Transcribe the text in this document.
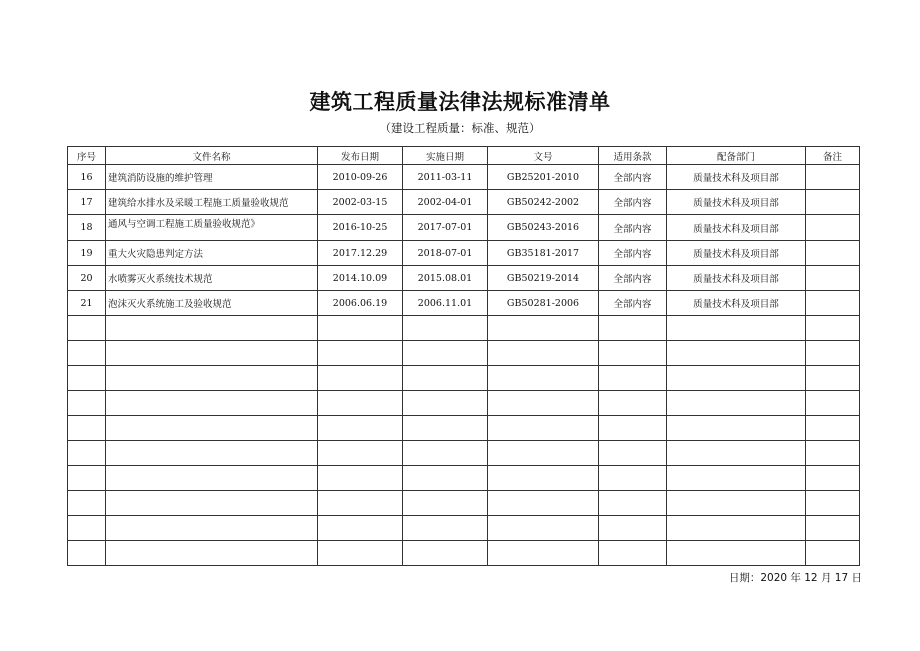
建筑工程质量法律法规标准清单
（建设工程质量：标准、规范）
序号	文件名称	发布日期	实施日期	文号	适用条款	配备部门	备注
16	建筑消防设施的维护管理	2010-09-26	2011-03-11	GB25201-2010	全部内容	质量技术科及项目部	
17	建筑给水排水及采暖工程施工质量验收规范	2002-03-15	2002-04-01	GB50242-2002	全部内容	质量技术科及项目部	
18	通风与空调工程施工质量验收规范》	2016-10-25	2017-07-01	GB50243-2016	全部内容	质量技术科及项目部	
19	重大火灾隐患判定方法	2017.12.29	2018-07-01	GB35181-2017	全部内容	质量技术科及项目部	
20	水喷雾灭火系统技术规范	2014.10.09	2015.08.01	GB50219-2014	全部内容	质量技术科及项目部	
21	泡沫灭火系统施工及验收规范	2006.06.19	2006.11.01	GB50281-2006	全部内容	质量技术科及项目部	

日期：2020 年 12 月 17 日
